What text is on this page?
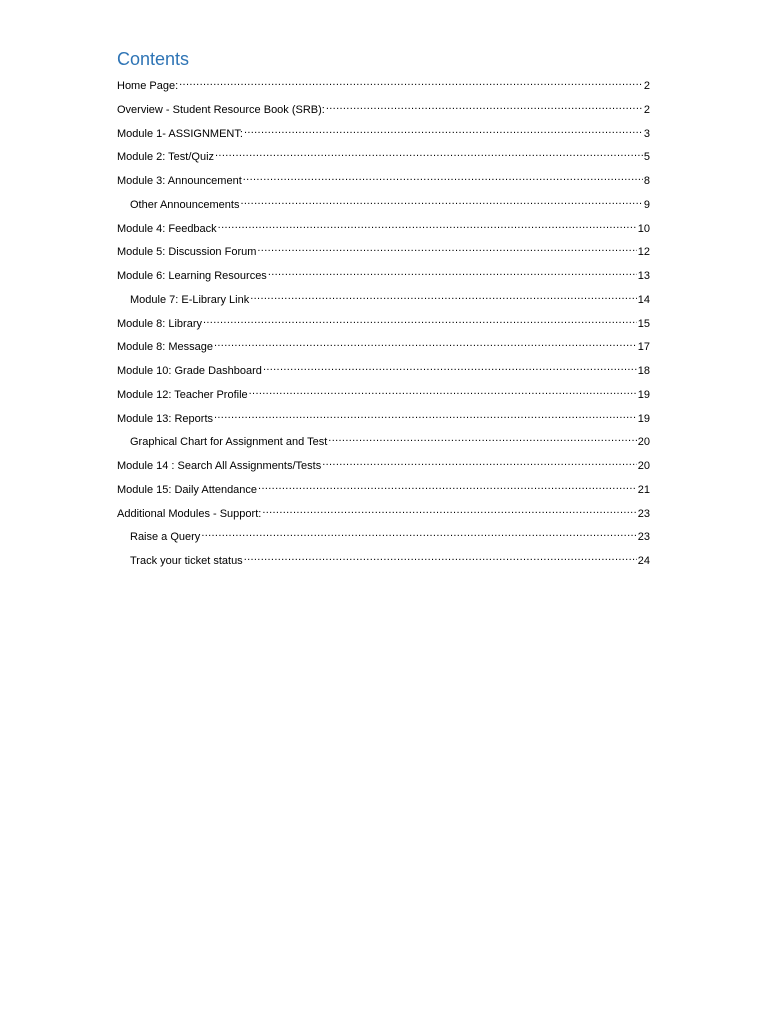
Contents
Home Page: .....	2
Overview - Student Resource Book (SRB): .....	2
Module 1- ASSIGNMENT: .....	3
Module 2: Test/Quiz .....	5
Module 3: Announcement .....	8
Other Announcements .....	9
Module 4: Feedback .....	10
Module 5: Discussion Forum .....	12
Module 6: Learning Resources .....	13
Module 7: E-Library Link .....	14
Module 8: Library .....	15
Module 8: Message .....	17
Module 10: Grade Dashboard .....	18
Module 12: Teacher Profile .....	19
Module 13: Reports .....	19
Graphical Chart for Assignment and Test .....	20
Module 14 : Search All Assignments/Tests .....	20
Module 15: Daily Attendance .....	21
Additional Modules - Support: .....	23
Raise a Query .....	23
Track your ticket status .....	24
